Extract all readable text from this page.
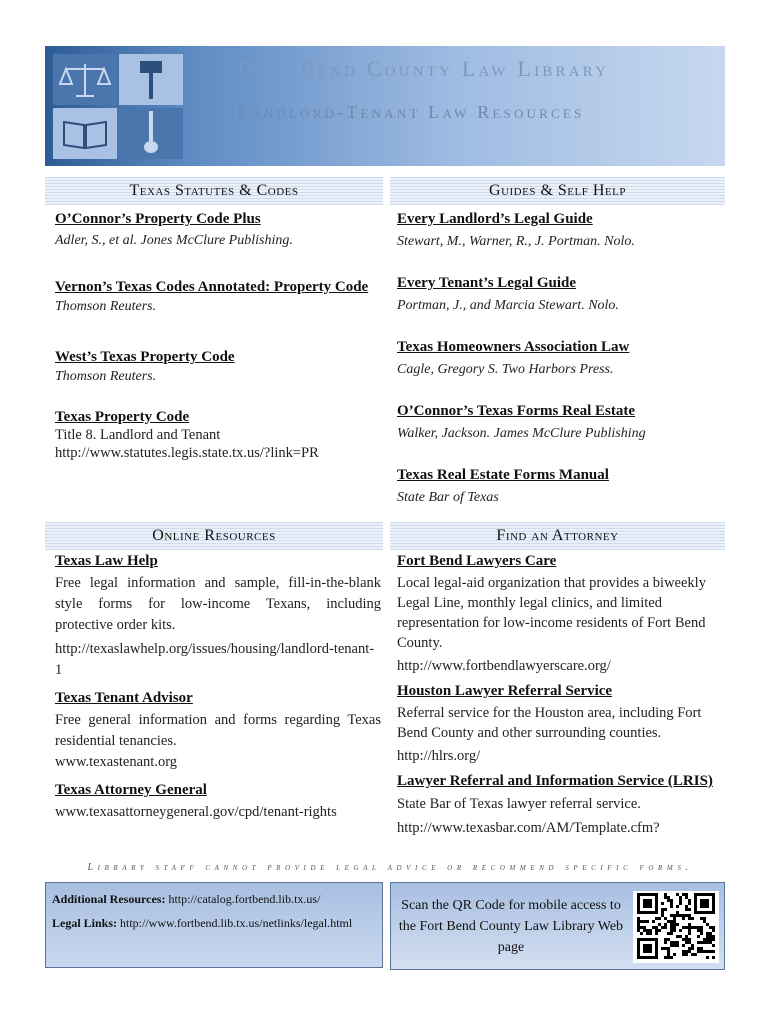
Fort Bend County Law Library
Landlord-Tenant Law Resources
Texas Statutes & Codes	Guides & Self Help
Online Resources	Find an Attorney
O’Connor’s Property Code Plus
Adler, S., et al. Jones McClure Publishing.
Vernon’s Texas Codes Annotated: Property Code
Thomson Reuters.
West’s Texas Property Code
Thomson Reuters.
Texas Property Code
Title 8. Landlord and Tenant
http://www.statutes.legis.state.tx.us/?link=PR
Every Landlord’s Legal Guide
Stewart, M., Warner, R., J. Portman. Nolo.
Every Tenant’s Legal Guide
Portman, J., and Marcia Stewart. Nolo.
Texas Homeowners Association Law
Cagle, Gregory S. Two Harbors Press.
O’Connor’s Texas Forms Real Estate
Walker, Jackson. James McClure Publishing
Texas Real Estate Forms Manual
State Bar of Texas
Texas Law Help
Free legal information and sample, fill-in-the-blank style forms for low-income Texans, including protective order kits.
http://texaslawhelp.org/issues/housing/landlord-tenant-1
Texas Tenant Advisor
Free general information and forms regarding Texas residential tenancies.
www.texastenant.org
Texas Attorney General
www.texasattorneygeneral.gov/cpd/tenant-rights
Fort Bend Lawyers Care
Local legal-aid organization that provides a biweekly Legal Line, monthly legal clinics, and limited representation for low-income residents of Fort Bend County.
http://www.fortbendlawyerscare.org/
Houston Lawyer Referral Service
Referral service for the Houston area, including Fort Bend County and other surrounding counties.
http://hlrs.org/
Lawyer Referral and Information Service (LRIS)
State Bar of Texas lawyer referral service.
http://www.texasbar.com/AM/Template.cfm?
Library staff cannot provide legal advice or recommend specific forms.
Additional Resources: http://catalog.fortbend.lib.tx.us/
Legal Links: http://www.fortbend.lib.tx.us/netlinks/legal.html
Scan the QR Code for mobile access to the Fort Bend County Law Library Web page
